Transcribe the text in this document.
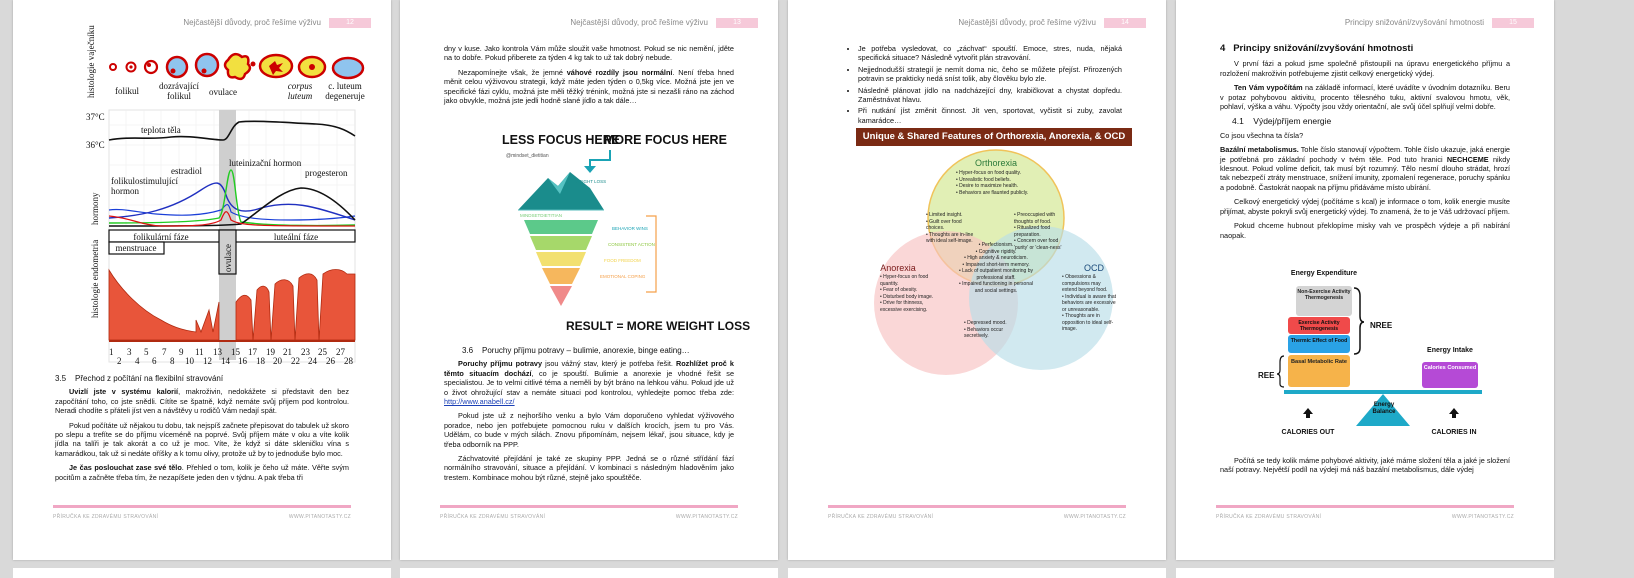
Nejčastější důvody, proč řešíme výživu	12
histologie vaječníku
hormony
histologie endometria
folikul	dozrávající folikul	ovulace
corpus luteum
c. luteum degeneruje
37°C
36°C
teplota těla
estradiol
luteinizační hormon
progesteron
folikulostimulující hormon
folikulární fáze	luteální fáze
menstruace	ovulace
1 3 5 7 9 11 13 15 17 19 21 23 25 27
2 4 6 8 10 12 14 16 18 20 22 24 26 28
3.5 Přechod z počítání na flexibilní stravování

Uvizlí jste v systému kalorií, makroživin, nedokážete si představit den bez započítání toho, co jste snědli. Cítíte se špatně, když nemáte svůj příjem pod kontrolou. Neradi chodíte s přáteli jíst ven a návštěvy u rodičů Vám nedají spát.

Pokud počítáte už nějakou tu dobu, tak nejspíš začnete přepisovat do tabulek už skoro po slepu a trefíte se do příjmu víceméně na poprvé. Svůj příjem máte v oku a víte kolik jídla na talíři je tak akorát a co už je moc. Víte, že když si dáte skleničku vína s kamarádkou, tak už si nedáte oříšky a k tomu olivy, protože už by to jednoduše bylo moc.

Je čas poslouchat zase své tělo. Přehled o tom, kolik je čeho už máte. Věřte svým pocitům a začněte třeba tím, že nezapíšete jeden den v týdnu. A pak třeba tři

PŘÍRUČKA KE ZDRAVÉMU STRAVOVÁNÍ	WWW.PITANOTASTY.CZ
Nejčastější důvody, proč řešíme výživu	13

dny v kuse. Jako kontrola Vám může sloužit vaše hmotnost. Pokud se nic nemění, jděte na to dobře. Pokud přiberete za týden 4 kg tak to už tak dobrý nebude.

Nezapomínejte však, že jemné váhové rozdíly jsou normální. Není třeba hned měnit celou výživovou strategii, když máte jeden týden o 0,5kg více. Možná jste jen ve specifické fázi cyklu, možná jste měli těžký trénink, možná jste si nezašli ráno na záchod jako obvykle, možná jste jedli hodně slané jídlo a tak dále…

LESS FOCUS HERE
MORE FOCUS HERE
@mindset_dietitian
WEIGHT LOSS
MINDSETDIETITIAN
BEHAVIOR WINS
CONSISTENT ACTION
FOOD FREEDOM
EMOTIONAL COPING
RESULT = MORE WEIGHT LOSS
3.6 Poruchy příjmu potravy – bulimie, anorexie, binge eating…

Poruchy příjmu potravy jsou vážný stav, který je potřeba řešit. Rozhlížet proč k těmto situacím dochází, co je spouští. Bulimie a anorexie je vhodné řešit se specialistou. Je to velmi citlivé téma a neměli by být bráno na lehkou váhu. Pokud jde už o život ohrožující stav a nemáte situaci pod kontrolou, vyhledejte pomoc třeba zde: http://www.anabell.cz/

Pokud jste už z nejhoršího venku a bylo Vám doporučeno vyhledat výživového poradce, nebo jen potřebujete pomocnou ruku v dalších krocích, jsem tu pro Vás. Udělám, co bude v mých silách. Znovu připomínám, nejsem lékař, jsou situace, kdy je třeba odborník na PPP.

Záchvatovité přejídání je také ze skupiny PPP. Jedná se o různé střídání fází normálního stravování, situace a přejídání. V kombinaci s následným hladověním jako trestem. Kombinace mohou být různé, stejně jako spouštěče.

PŘÍRUČKA KE ZDRAVÉMU STRAVOVÁNÍ	WWW.PITANOTASTY.CZ
Nejčastější důvody, proč řešíme výživu	14
• Je potřeba vysledovat, co „záchvat“ spouští. Emoce, stres, nuda, nějaká specifická situace? Následně vytvořit plán stravování.
• Nejjednodušší strategií je nemít doma nic, čeho se můžete přejíst. Přirozených potravin se prakticky nedá sníst tolik, aby člověku bylo zle.
• Následně plánovat jídlo na nadcházející dny, krabičkovat a chystat dopředu. Zaměstnávat hlavu.
• Při nutkání jíst změnit činnost. Jít ven, sportovat, vyčistit si zuby, zavolat kamarádce…
Unique & Shared Features of Orthorexia, Anorexia, & OCD
Orthorexia
Anorexia	OCD
• Hyper-focus on food quality.
• Unrealistic food beliefs.
• Desire to maximize health.
• Behaviors are flaunted publicly.
• Limited insight.
• Guilt over food choices.
• Thoughts are in-line with ideal self-image.
• Preoccupied with thoughts of food.
• Ritualized food preparation.
• Concern over food 'purity' or 'clean-ness'
• Perfectionism.
• Cognitive rigidity.
• High anxiety & neuroticism.
• Impaired short-term memory.
• Lack of outpatient monitoring by professional staff.
• Impaired functioning in personal and social settings.
• Hyper-focus on food quantity.
• Fear of obesity.
• Disturbed body image.
• Drive for thinness, excessive exercising.
• Obsessions & compulsions may extend beyond food.
• Individual is aware that behaviors are excessive or unreasonable.
• Thoughts are in opposition to ideal self-image.
• Depressed mood.
• Behaviors occur secretively.
PŘÍRUČKA KE ZDRAVÉMU STRAVOVÁNÍ	WWW.PITANOTASTY.CZ
Principy snižování/zvyšování hmotnosti	15
4 Principy snižování/zvyšování hmotnosti

V první fázi a pokud jsme společně přistoupili na úpravu energetického příjmu a rozložení makroživin potřebujeme zjistit celkový energetický výdej.

Ten Vám vypočítám na základě informací, které uvádíte v úvodním dotazníku. Beru v potaz pohybovou aktivitu, procento tělesného tuku, aktivní svalovou hmotu, věk, pohlaví, výška a váhu. Výpočty jsou vždy orientační, ale svůj účel splňují velmi dobře.

4.1 Výdej/příjem energie

Co jsou všechna ta čísla?

Bazální metabolismus. Tohle číslo stanovují výpočtem. Tohle číslo ukazuje, jaká energie je potřebná pro základní pochody v tvém těle. Pod tuto hranici NECHCEME nikdy klesnout. Pokud volíme deficit, tak musí být rozumný. Tělo nesmí dlouho strádat, hrozí tak nebezpečí ztráty menstruace, snížení imunity, zpomalení regenerace, poruchy spánku a podobně. Častokrát naopak na příjmu přidáváme místo ubírání.

Celkový energetický výdej (počítáme s kcal) je informace o tom, kolik energie musíte přijímat, abyste pokryli svůj energetický výdej. To znamená, že to je Váš udržovací příjem.

Pokud chceme hubnout překlopíme misky vah ve prospěch výdeje a při nabírání naopak.

Energy Expenditure
Non-Exercise Activity Thermogenesis
Exercise Activity Thermogenesis
Thermic Effect of Food
Basal Metabolic Rate
NREE
REE
Energy Intake
Calories Consumed
Energy Balance
CALORIES OUT	CALORIES IN

Počítá se tedy kolik máme pohybové aktivity, jaké máme složení těla a jaké je složení naší potravy. Největší podíl na výdeji má náš bazální metabolismus, dále výdej

PŘÍRUČKA KE ZDRAVÉMU STRAVOVÁNÍ	WWW.PITANOTASTY.CZ
